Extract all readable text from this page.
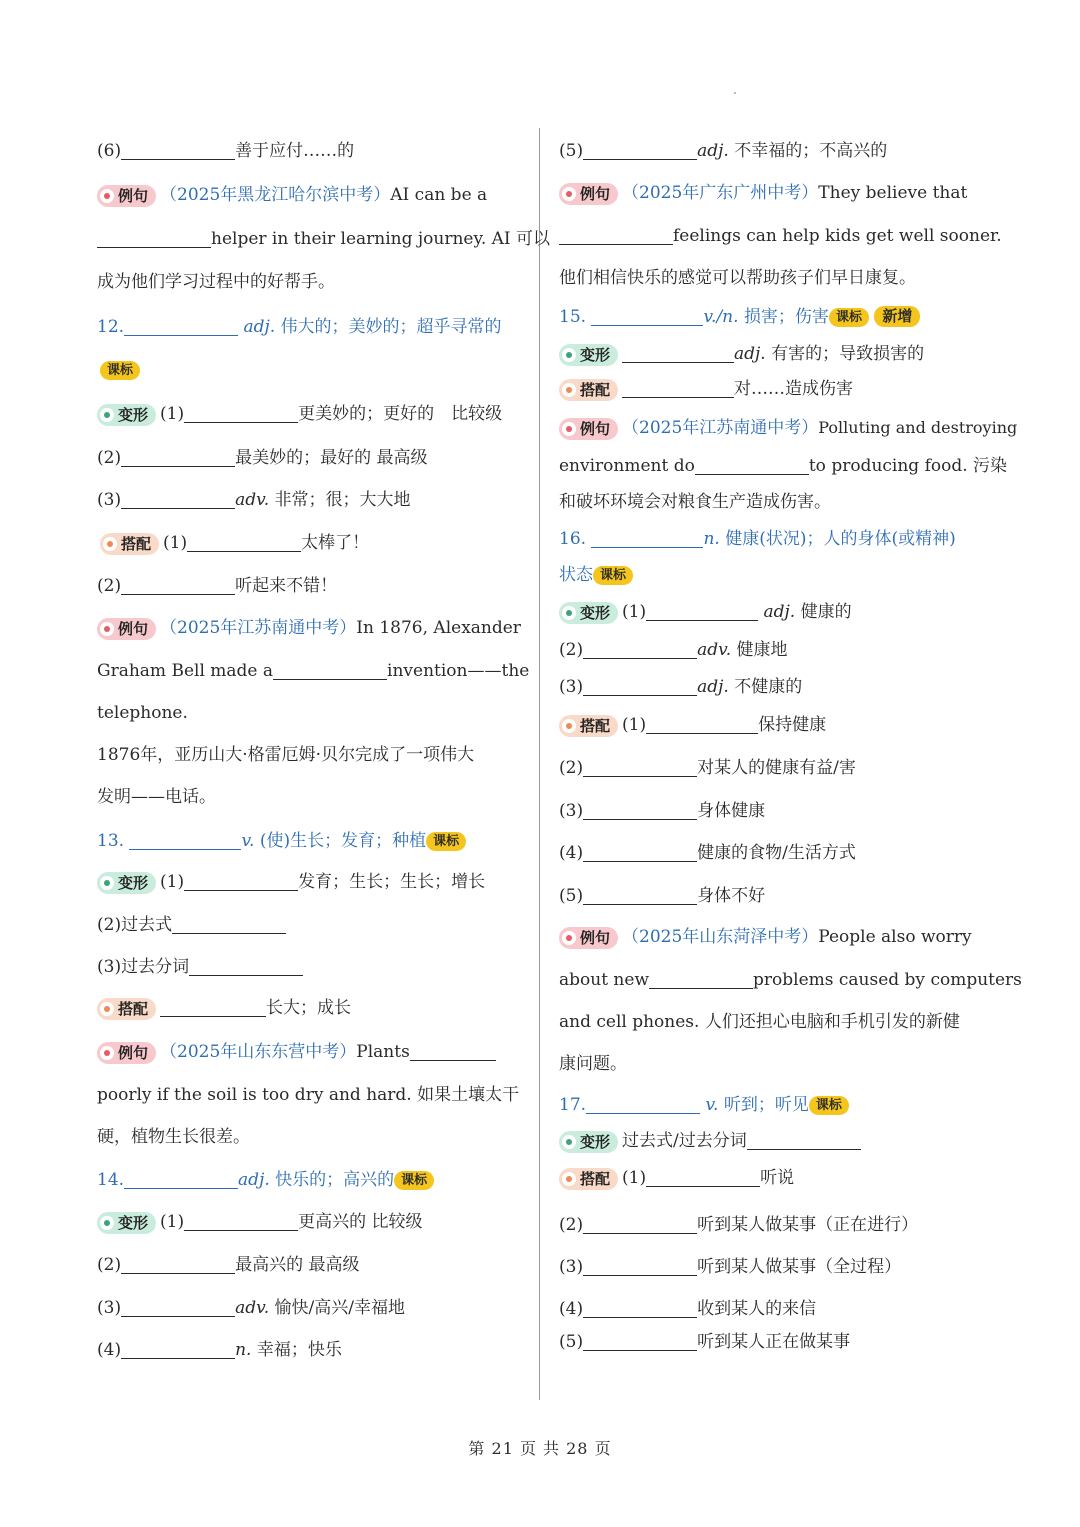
(6)	善于应付……的
例句 （2025年黑龙江哈尔滨中考）AI can be a
helper in their learning journey. AI 可以
成为他们学习过程中的好帮手。
12.	adj. 伟大的；美妙的；超乎寻常的
课标
变形 (1)	更美妙的；更好的　比较级
(2)	最美妙的；最好的 最高级
(3)	adv. 非常；很；大大地
搭配 (1)	太棒了！
(2)	听起来不错！
例句 （2025年江苏南通中考）In 1876, Alexander
Graham Bell made a	invention——the
telephone.
1876年，亚历山大·格雷厄姆·贝尔完成了一项伟大
发明——电话。
13.	v. (使)生长；发育；种植 课标
变形 (1)	发育；生长；生长；增长
(2)过去式
(3)过去分词
搭配	长大；成长
例句 （2025年山东东营中考）Plants
poorly if the soil is too dry and hard. 如果土壤太干
硬，植物生长很差。
14.	adj. 快乐的；高兴的 课标
变形 (1)	更高兴的 比较级
(2)	最高兴的 最高级
(3)	adv. 愉快/高兴/幸福地
(4)	n. 幸福；快乐
(5)	adj. 不幸福的；不高兴的
例句 （2025年广东广州中考）They believe that
feelings can help kids get well sooner.
他们相信快乐的感觉可以帮助孩子们早日康复。
15.	v./n. 损害；伤害 课标 新增
变形	adj. 有害的；导致损害的
搭配	对……造成伤害
例句 （2025年江苏南通中考）Polluting and destroying
environment do	to producing food. 污染
和破坏环境会对粮食生产造成伤害。
16.	n. 健康(状况)；人的身体(或精神)
状态 课标
变形 (1)	adj. 健康的
(2)	adv. 健康地
(3)	adj. 不健康的
搭配 (1)	保持健康
(2)	对某人的健康有益/害
(3)	身体健康
(4)	健康的食物/生活方式
(5)	身体不好
例句 （2025年山东菏泽中考）People also worry
about new	problems caused by computers
and cell phones. 人们还担心电脑和手机引发的新健
康问题。
17.	v. 听到；听见 课标
变形 过去式/过去分词
搭配 (1)	听说
(2)	听到某人做某事（正在进行）
(3)	听到某人做某事（全过程）
(4)	收到某人的来信
(5)	听到某人正在做某事
第 21 页 共 28 页
